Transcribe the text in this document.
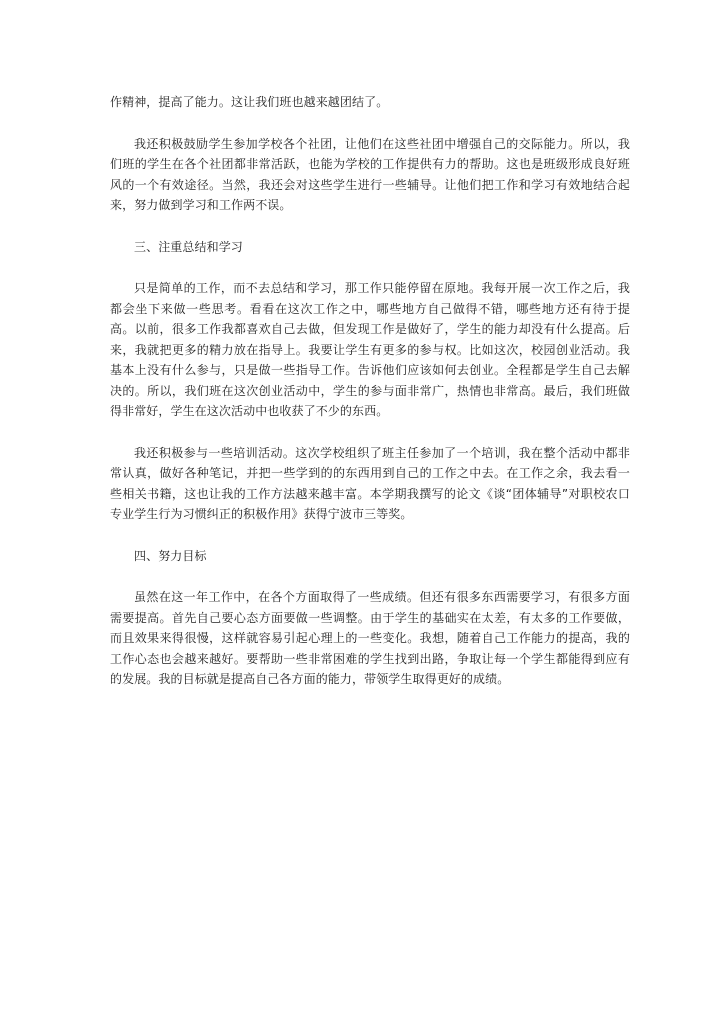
作精神，提高了能力。这让我们班也越来越团结了。

我还积极鼓励学生参加学校各个社团，让他们在这些社团中增强自己的交际能力。所以，我们班的学生在各个社团都非常活跃，也能为学校的工作提供有力的帮助。这也是班级形成良好班风的一个有效途径。当然，我还会对这些学生进行一些辅导。让他们把工作和学习有效地结合起来，努力做到学习和工作两不误。

三、注重总结和学习

只是简单的工作，而不去总结和学习，那工作只能停留在原地。我每开展一次工作之后，我都会坐下来做一些思考。看看在这次工作之中，哪些地方自己做得不错，哪些地方还有待于提高。以前，很多工作我都喜欢自己去做，但发现工作是做好了，学生的能力却没有什么提高。后来，我就把更多的精力放在指导上。我要让学生有更多的参与权。比如这次，校园创业活动。我基本上没有什么参与，只是做一些指导工作。告诉他们应该如何去创业。全程都是学生自己去解决的。所以，我们班在这次创业活动中，学生的参与面非常广，热情也非常高。最后，我们班做得非常好，学生在这次活动中也收获了不少的东西。

我还积极参与一些培训活动。这次学校组织了班主任参加了一个培训，我在整个活动中都非常认真，做好各种笔记，并把一些学到的的东西用到自己的工作之中去。在工作之余，我去看一些相关书籍，这也让我的工作方法越来越丰富。本学期我撰写的论文《谈“团体辅导”对职校农口专业学生行为习惯纠正的积极作用》获得宁波市三等奖。

四、努力目标

虽然在这一年工作中，在各个方面取得了一些成绩。但还有很多东西需要学习，有很多方面需要提高。首先自己要心态方面要做一些调整。由于学生的基础实在太差，有太多的工作要做，而且效果来得很慢，这样就容易引起心理上的一些变化。我想，随着自己工作能力的提高，我的工作心态也会越来越好。要帮助一些非常困难的学生找到出路，争取让每一个学生都能得到应有的发展。我的目标就是提高自己各方面的能力，带领学生取得更好的成绩。
